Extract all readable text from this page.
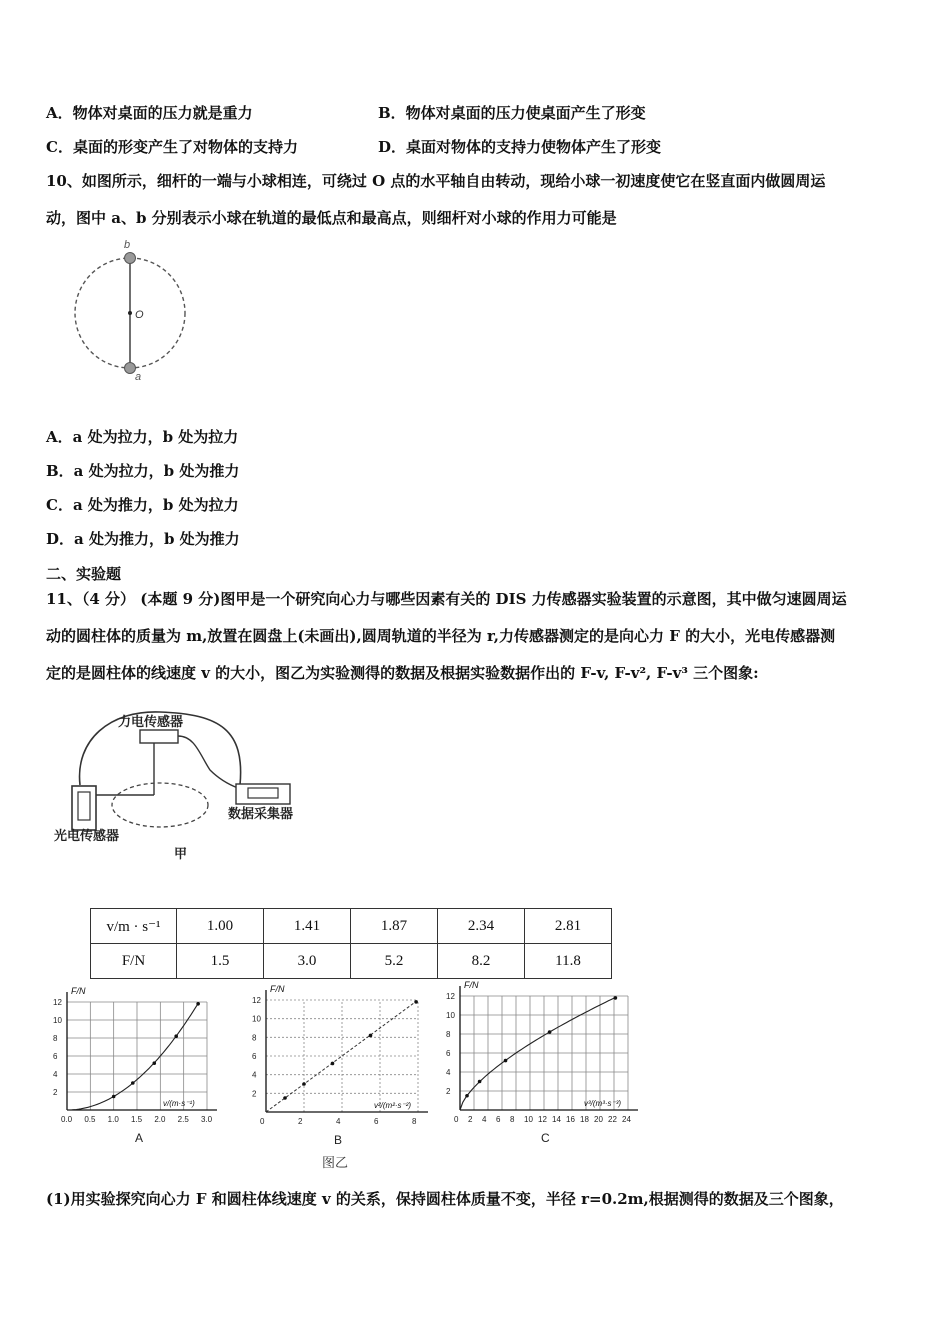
A．物体对桌面的压力就是重力	B．物体对桌面的压力使桌面产生了形变
C．桌面的形变产生了对物体的支持力	D．桌面对物体的支持力使物体产生了形变
10、如图所示，细杆的一端与小球相连，可绕过 O 点的水平轴自由转动，现给小球一初速度使它在竖直面内做圆周运
动，图中 a、b 分别表示小球在轨道的最低点和最高点，则细杆对小球的作用力可能是
b
O
a
A．a 处为拉力，b 处为拉力
B．a 处为拉力，b 处为推力
C．a 处为推力，b 处为拉力
D．a 处为推力，b 处为推力
二、实验题
11、（4 分） (本题 9 分)图甲是一个研究向心力与哪些因素有关的 DIS 力传感器实验装置的示意图，其中做匀速圆周运
动的圆柱体的质量为 m,放置在圆盘上(未画出),圆周轨道的半径为 r,力传感器测定的是向心力 F 的大小，光电传感器测
定的是圆柱体的线速度 v 的大小，图乙为实验测得的数据及根据实验数据作出的 F-v, F-v², F-v³ 三个图象:
力电传感器
数据采集器
光电传感器
甲
v/m · s⁻¹	1.00	1.41	1.87	2.34	2.81
F/N	1.5	3.0	5.2	8.2	11.8
0.0 0.5 1.0 1.5 2.0 2.5 3.0
2
4
6
8
10
12
F/N
v/(m·s⁻¹)
A
0	2	4	6	8
2
4
6
8
10
12
F/N
v²/(m²·s⁻²)
B
0 2 4 6 8 10 12 14 16 18 20 22 24
2
4
6
8
10
12
F/N
v³/(m³·s⁻³)
C
图乙
(1)用实验探究向心力 F 和圆柱体线速度 v 的关系，保持圆柱体质量不变，半径 r=0.2m,根据测得的数据及三个图象，
